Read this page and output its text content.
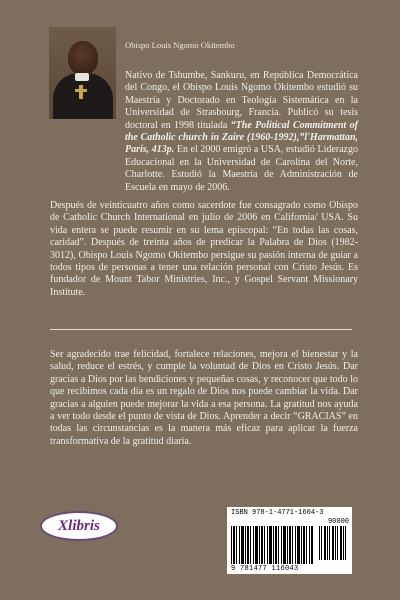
Obispo Louis Ngomo Okitembo

Nativo de Tshumbe, Sankuru, en República Democrática del Congo, el Obispo Louis Ngomo Okitembo estudió su Maestría y Doctorado en Teología Sistemática en la Universidad de Strasbourg, Francia. Publicó su tesis doctoral en 1998 titulada “The Political Commitment of the Catholic church in Zaire (1960-1992),”l'Harmattan, Paris, 413p. En el 2000 emigró a USA, estudió Liderazgo Educacional en la Universidad de Carolina del Norte, Charlotte. Estudió la Maestría de Administración de Escuela en mayo de 2006.

Después de veinticuatro años como sacerdote fue consagrado como Obispo de Catholic Church International en julio de 2006 en California/ USA. Su vida entera se puede resumir en su lema episcopal: “En todas las cosas, caridad”. Después de treinta años de predicar la Palabra de Dios (1982-3012), Obispo Louis Ngomo Okitembo persigue su pasión interna de guiar a todos tipos de personas a tener una relación personal con Cristo Jesús. Es fundador de Mount Tabor Ministries, Inc., y Gospel Servant Missionary Institute.

Ser agradecido trae felicidad, fortalece relaciones, mejora el bienestar y la salud, reduce el estrés, y cumple la voluntad de Dios en Cristo Jesús. Dar gracias a Dios por las bendiciones y pequeñas cosas, y reconocer que todo lo que recibimos cada día es un regalo de Dios nos puede cambiar la vida. Dar gracias a alguien puede mejorar la vida a esa persona. La gratitud nos ayuda a ver todo desde el punto de vista de Dios. Aprender a decir “GRACIAS” en todas las circunstancias es la manera más eficaz para aplicar la fuerza transformativa de la gratitud diaria.

Xlibris
ISBN 978-1-4771-1604-3
90000
9 781477 116043
